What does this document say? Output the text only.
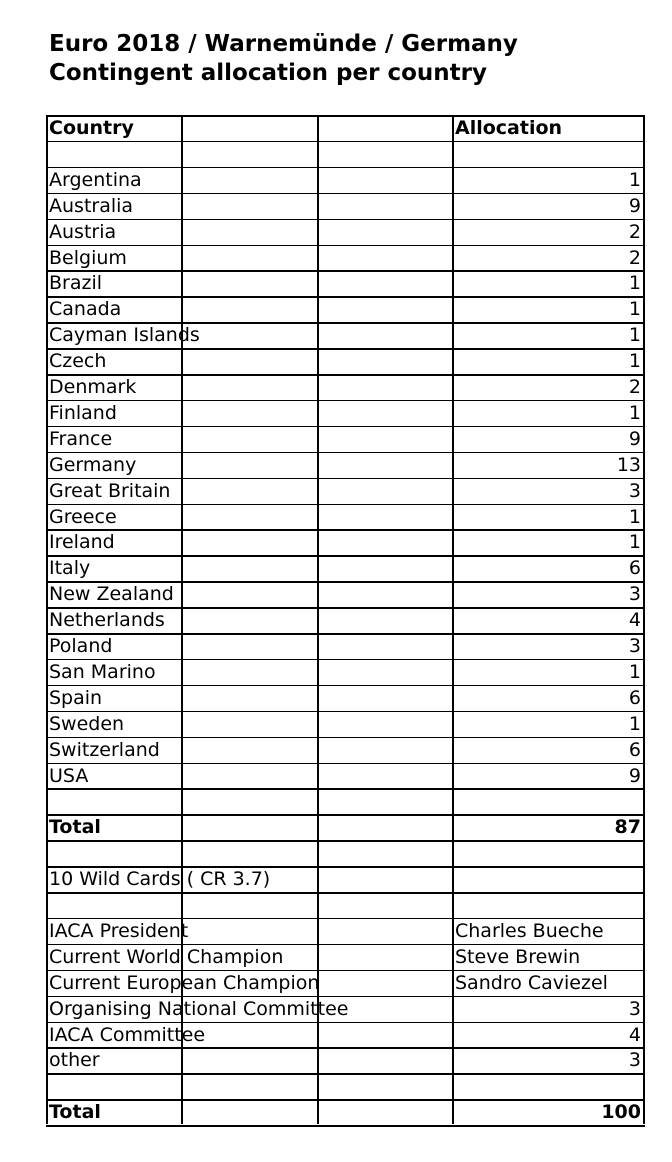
Euro 2018 / Warnemünde / Germany
Contingent allocation per country
Country	Allocation
Argentina	1
Australia	9
Austria	2
Belgium	2
Brazil	1
Canada	1
Cayman Islands	1
Czech	1
Denmark	2
Finland	1
France	9
Germany	13
Great Britain	3
Greece	1
Ireland	1
Italy	6
New Zealand	3
Netherlands	4
Poland	3
San Marino	1
Spain	6
Sweden	1
Switzerland	6
USA	9
Total	87
10 Wild Cards ( CR 3.7)
IACA President	Charles Bueche
Current World Champion	Steve Brewin
Current European Champion	Sandro Caviezel
Organising National Committee	3
IACA Committee	4
other	3
Total	100
